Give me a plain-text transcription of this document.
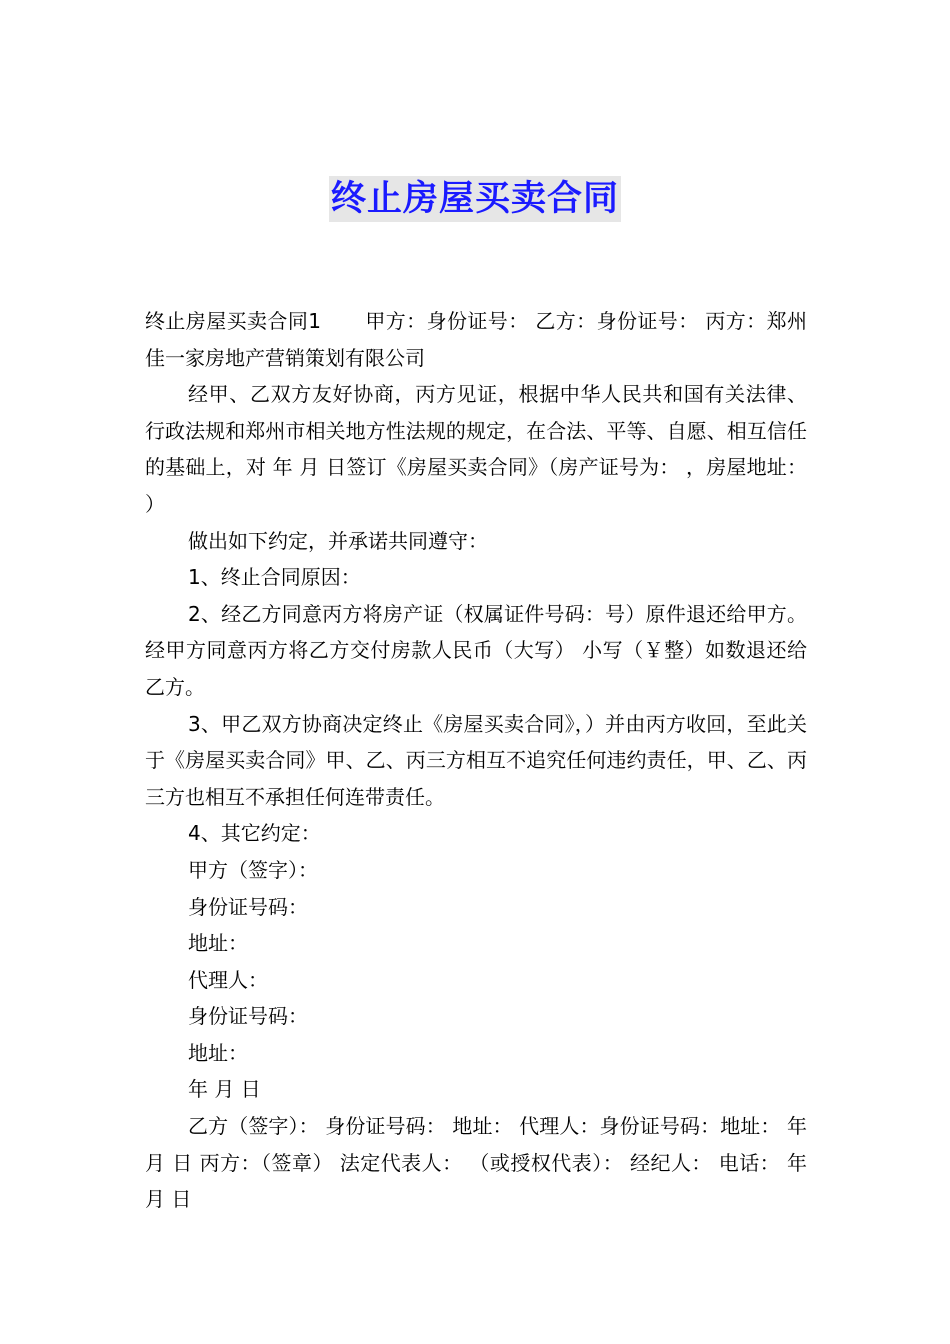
终止房屋买卖合同

终止房屋买卖合同1 甲方：身份证号： 乙方：身份证号： 丙方：郑州佳一家房地产营销策划有限公司

经甲、乙双方友好协商，丙方见证，根据中华人民共和国有关法律、行政法规和郑州市相关地方性法规的规定，在合法、平等、自愿、相互信任的基础上，对 年 月 日签订《房屋买卖合同》（房产证号为： ，房屋地址： ）

做出如下约定，并承诺共同遵守：

1、终止合同原因：

2、经乙方同意丙方将房产证（权属证件号码：号）原件退还给甲方。经甲方同意丙方将乙方交付房款人民币（大写） 小写（￥整）如数退还给乙方。

3、甲乙双方协商决定终止《房屋买卖合同》，）并由丙方收回，至此关于《房屋买卖合同》甲、乙、丙三方相互不追究任何违约责任，甲、乙、丙三方也相互不承担任何连带责任。

4、其它约定：

甲方（签字）：

身份证号码：

地址：

代理人：

身份证号码：

地址：

年 月 日

乙方（签字）： 身份证号码： 地址： 代理人：身份证号码：地址： 年 月 日 丙方：（签章） 法定代表人： （或授权代表）： 经纪人： 电话： 年 月 日
